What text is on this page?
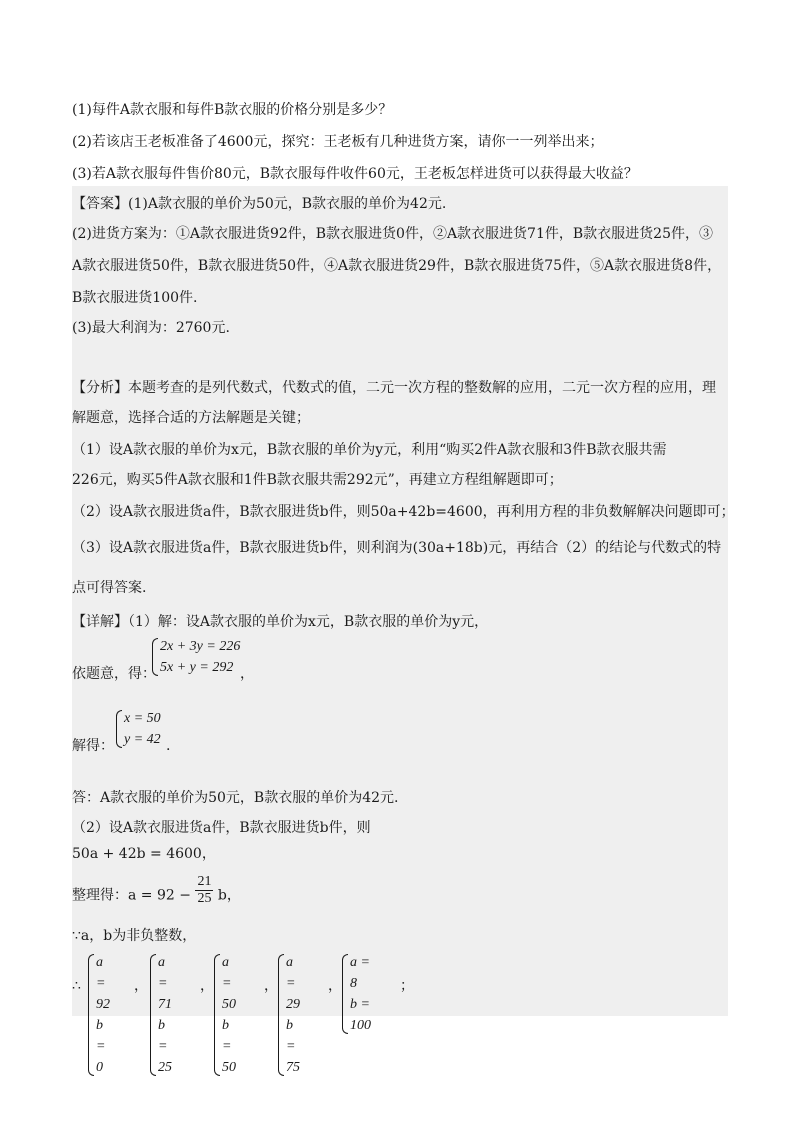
(1)每件A款衣服和每件B款衣服的价格分别是多少？
(2)若该店王老板准备了4600元，探究：王老板有几种进货方案，请你一一列举出来；
(3)若A款衣服每件售价80元，B款衣服每件收件60元，王老板怎样进货可以获得最大收益？
【答案】(1)A款衣服的单价为50元，B款衣服的单价为42元.
(2)进货方案为：①A款衣服进货92件，B款衣服进货0件，②A款衣服进货71件，B款衣服进货25件，③
A款衣服进货50件，B款衣服进货50件，④A款衣服进货29件，B款衣服进货75件，⑤A款衣服进货8件，
B款衣服进货100件.
(3)最大利润为：2760元.
【分析】本题考查的是列代数式，代数式的值，二元一次方程的整数解的应用，二元一次方程的应用，理
解题意，选择合适的方法解题是关键；
（1）设A款衣服的单价为x元，B款衣服的单价为y元，利用“购买2件A款衣服和3件B款衣服共需
226元，购买5件A款衣服和1件B款衣服共需292元”，再建立方程组解题即可；
（2）设A款衣服进货a件，B款衣服进货b件，则50a+42b=4600，再利用方程的非负数解解决问题即可；
（3）设A款衣服进货a件，B款衣服进货b件，则利润为(30a+18b)元，再结合（2）的结论与代数式的特
点可得答案.
【详解】（1）解：设A款衣服的单价为x元，B款衣服的单价为y元，
依题意，得：
2x + 3y = 226
5x + y = 292 ，
解得：
x = 50
y = 42 .
答：A款衣服的单价为50元，B款衣服的单价为42元.
（2）设A款衣服进货a件，B款衣服进货b件，则
50a + 42b = 4600，
整理得：$a = 92 - \frac{21}{25}$ b，
∵a，b为非负整数，
∴
a = 92
b = 0
，
a = 71
b = 25
，
a = 50
b = 50
，
a = 29
b = 75
，
a = 8
b = 100
；
